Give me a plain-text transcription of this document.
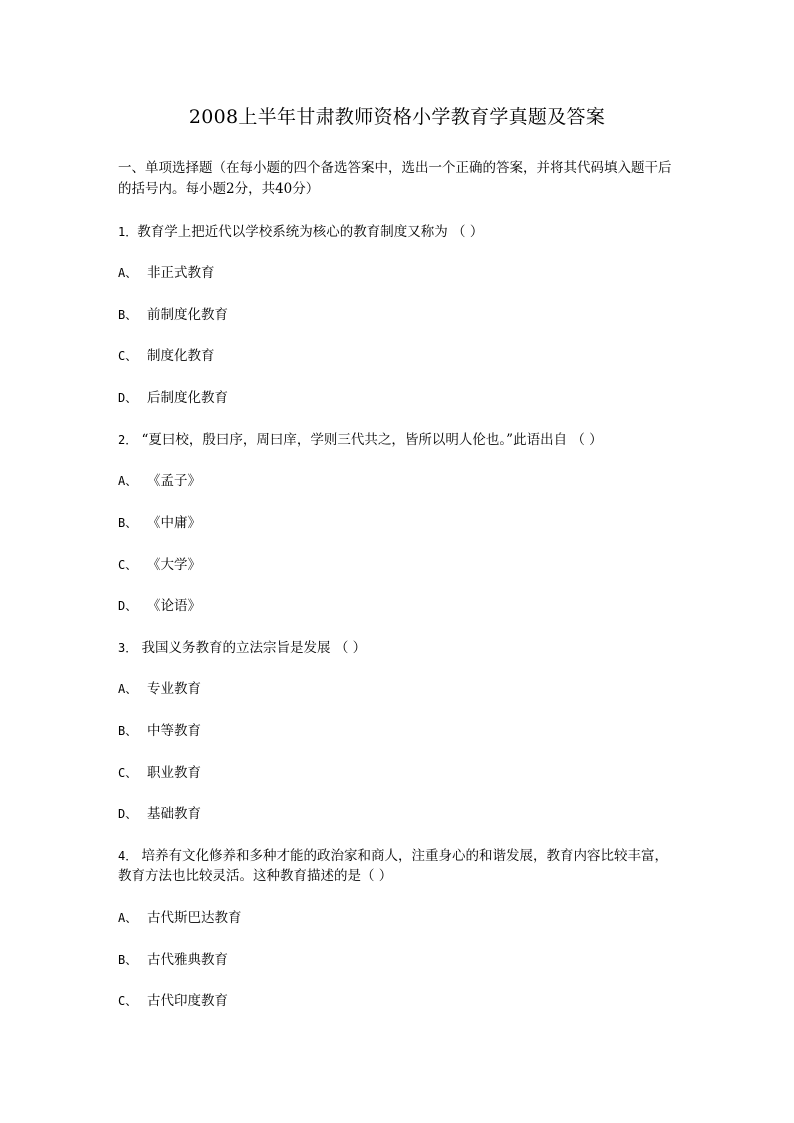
2008上半年甘肃教师资格小学教育学真题及答案
一、单项选择题（在每小题的四个备选答案中，选出一个正确的答案，并将其代码填入题干后的括号内。每小题2分，共40分）
1．教育学上把近代以学校系统为核心的教育制度又称为 （ ）
A、 非正式教育
B、 前制度化教育
C、 制度化教育
D、 后制度化教育
2． “夏曰校，殷曰序，周曰庠，学则三代共之，皆所以明人伦也。”此语出自 （ ）
A、 《孟子》
B、 《中庸》
C、 《大学》
D、 《论语》
3． 我国义务教育的立法宗旨是发展 （ ）
A、 专业教育
B、 中等教育
C、 职业教育
D、 基础教育
4． 培养有文化修养和多种才能的政治家和商人，注重身心的和谐发展，教育内容比较丰富，教育方法也比较灵活。这种教育描述的是（ ）
A、 古代斯巴达教育
B、 古代雅典教育
C、 古代印度教育
